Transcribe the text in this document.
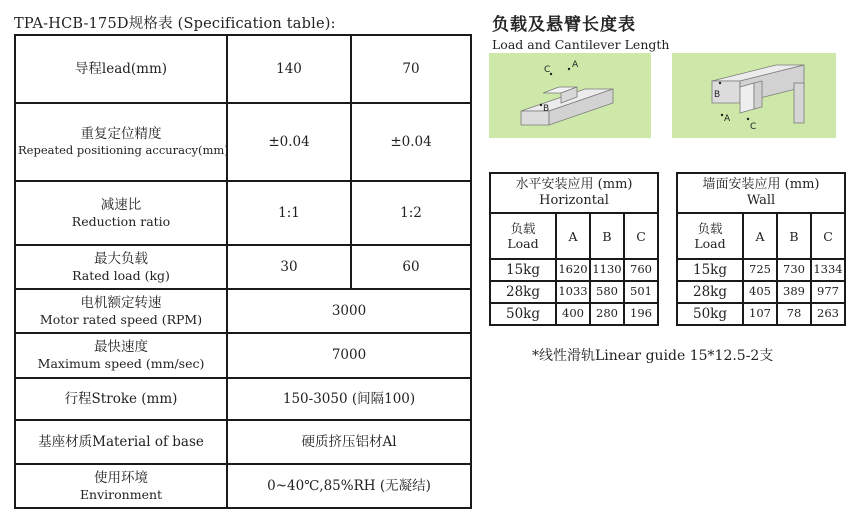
TPA-HCB-175D规格表 (Specification table):
导程lead(mm)	140	70

重复定位精度
Repeated positioning accuracy(mm)	±0.04	±0.04

减速比
Reduction ratio	1:1	1:2

最大负载
Rated load (kg)	30	60

电机额定转速
Motor rated speed (RPM)	3000	

最快速度
Maximum speed (mm/sec)	7000	

行程Stroke (mm)	150-3050 (间隔100)	

基座材质Material of base	硬质挤压铝材Al	

使用环境
Environment	0~40℃,85%RH (无凝结)	
负载及悬臂长度表
Load and Cantilever Length
C A
B
B
A
C
水平安装应用 (mm)
Horizontal			

负载
Load	A	B	C
15kg	1620	1130	760
28kg	1033	580	501
50kg	400	280	196
墙面安装应用 (mm)
Wall			

负载
Load	A	B	C
15kg	725	730	1334
28kg	405	389	977
50kg	107	78	263
*线性滑轨Linear guide 15*12.5-2支
